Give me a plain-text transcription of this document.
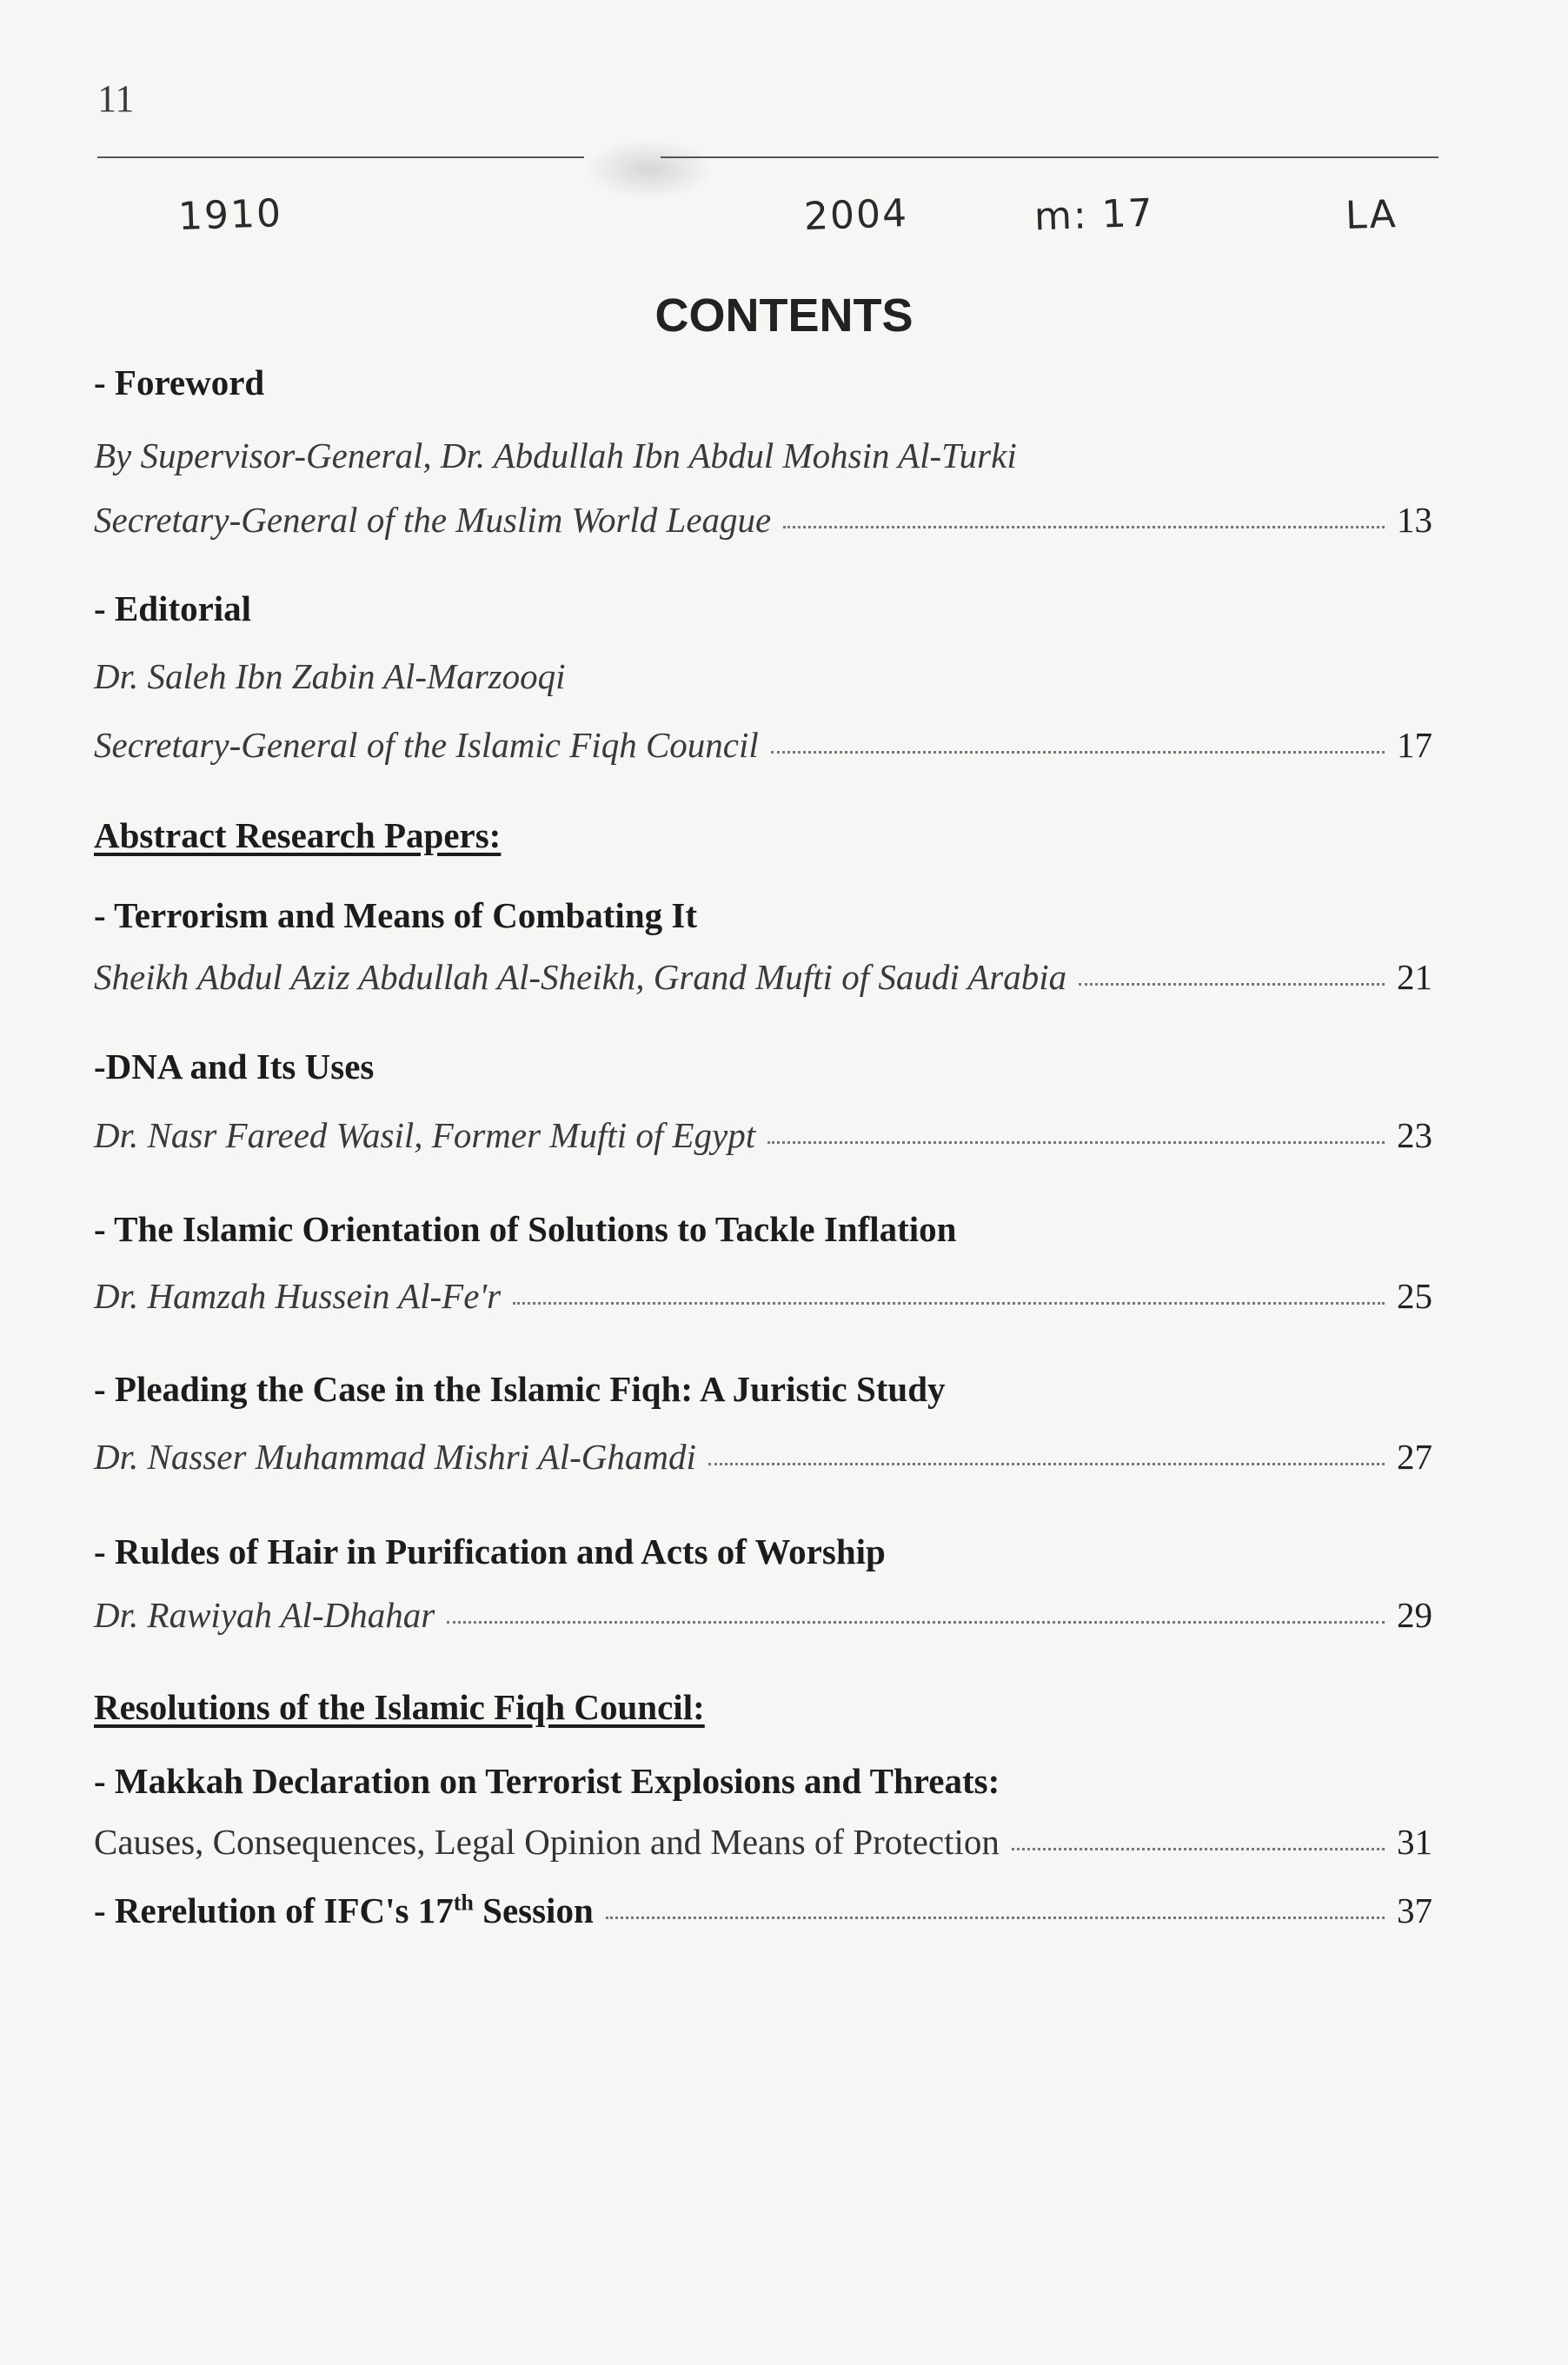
11
1910	2004	m: 17	LA
CONTENTS
- Foreword
By Supervisor-General, Dr. Abdullah Ibn Abdul Mohsin Al-Turki
Secretary-General of the Muslim World League	13
- Editorial
Dr. Saleh Ibn Zabin Al-Marzooqi
Secretary-General of the Islamic Fiqh Council	17
Abstract Research Papers:
- Terrorism and Means of Combating It
Sheikh Abdul Aziz Abdullah Al-Sheikh, Grand Mufti of Saudi Arabia	21
-DNA and Its Uses
Dr. Nasr Fareed Wasil, Former Mufti of Egypt	23
- The Islamic Orientation of Solutions to Tackle Inflation
Dr. Hamzah Hussein Al-Fe'r	25
- Pleading the Case in the Islamic Fiqh: A Juristic Study
Dr. Nasser Muhammad Mishri Al-Ghamdi	27
- Ruldes of Hair in Purification and Acts of Worship
Dr. Rawiyah Al-Dhahar	29
Resolutions of the Islamic Fiqh Council:
- Makkah Declaration on Terrorist Explosions and Threats:
Causes, Consequences, Legal Opinion and Means of Protection	31
- Rerelution of IFC's 17th Session	37
